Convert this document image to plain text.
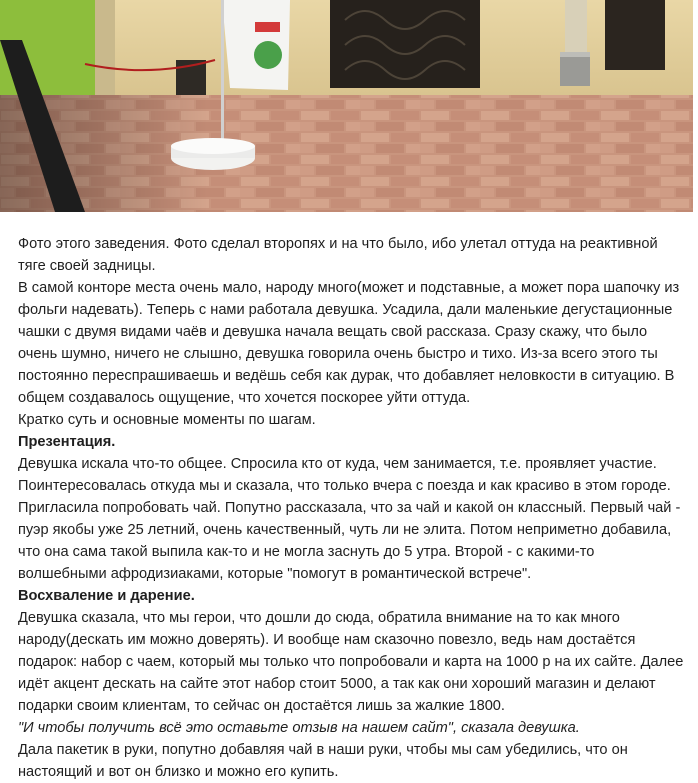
Фото этого заведения. Фото сделал второпях и на что было, ибо улетал оттуда на реактивной

тяге своей задницы.

В самой конторе места очень мало, народу много(может и подставные, а может пора шапочку из

фольги надевать). Теперь с нами работала девушка. Усадила, дали маленькие дегустационные

чашки с двумя видами чаёв и девушка начала вещать свой рассказа. Сразу скажу, что было

очень шумно, ничего не слышно, девушка говорила очень быстро и тихо. Из-за всего этого ты

постоянно переспрашиваешь и ведёшь себя как дурак, что добавляет неловкости в ситуацию. В

общем создавалось ощущение, что хочется поскорее уйти оттуда.

Кратко суть и основные моменты по шагам.

Презентация.

Девушка искала что-то общее. Спросила кто от куда, чем занимается, т.е. проявляет участие.

Поинтересовалась откуда мы и сказала, что только вчера с поезда и как красиво в этом городе.

Пригласила попробовать чай. Попутно рассказала, что за чай и какой он классный. Первый чай -

пуэр якобы уже 25 летний, очень качественный, чуть ли не элита. Потом неприметно добавила,

что она сама такой выпила как-то и не могла заснуть до 5 утра. Второй - с какими-то

волшебными афродизиаками, которые "помогут в романтической встрече".

Восхваление и дарение.

Девушка сказала, что мы герои, что дошли до сюда, обратила внимание на то как много

народу(дескать им можно доверять). И вообще нам сказочно повезло, ведь нам достаётся

подарок: набор с чаем, который мы только что попробовали и карта на 1000 р на их сайте. Далее

идёт акцент дескать на сайте этот набор стоит 5000, а так как они хороший магазин и делают

подарки своим клиентам, то сейчас он достаётся лишь за жалкие 1800.

"И чтобы получить всё это оставьте отзыв на нашем сайт", сказала девушка.

Дала пакетик в руки, попутно добавляя чай в наши руки, чтобы мы сам убедились, что он

настоящий и вот он близко и можно его купить.
